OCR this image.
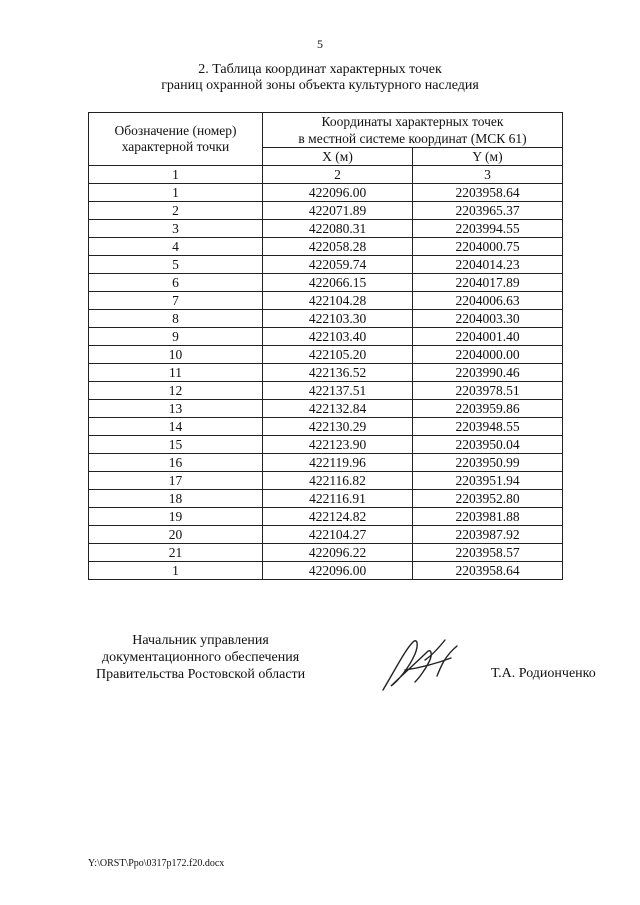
5
2. Таблица координат характерных точек
границ охранной зоны объекта культурного наследия
Обозначение (номер) характерной точки	Координаты характерных точек	
	в местной системе координат (МСК 61)	
	X (м)	Y (м)
1	2	3
1	422096.00	2203958.64
2	422071.89	2203965.37
3	422080.31	2203994.55
4	422058.28	2204000.75
5	422059.74	2204014.23
6	422066.15	2204017.89
7	422104.28	2204006.63
8	422103.30	2204003.30
9	422103.40	2204001.40
10	422105.20	2204000.00
11	422136.52	2203990.46
12	422137.51	2203978.51
13	422132.84	2203959.86
14	422130.29	2203948.55
15	422123.90	2203950.04
16	422119.96	2203950.99
17	422116.82	2203951.94
18	422116.91	2203952.80
19	422124.82	2203981.88
20	422104.27	2203987.92
21	422096.22	2203958.57
1	422096.00	2203958.64
Начальник управления
документационного обеспечения
Правительства Ростовской области	Т.А. Родионченко
Y:\ORST\Ppo\0317p172.f20.docx
